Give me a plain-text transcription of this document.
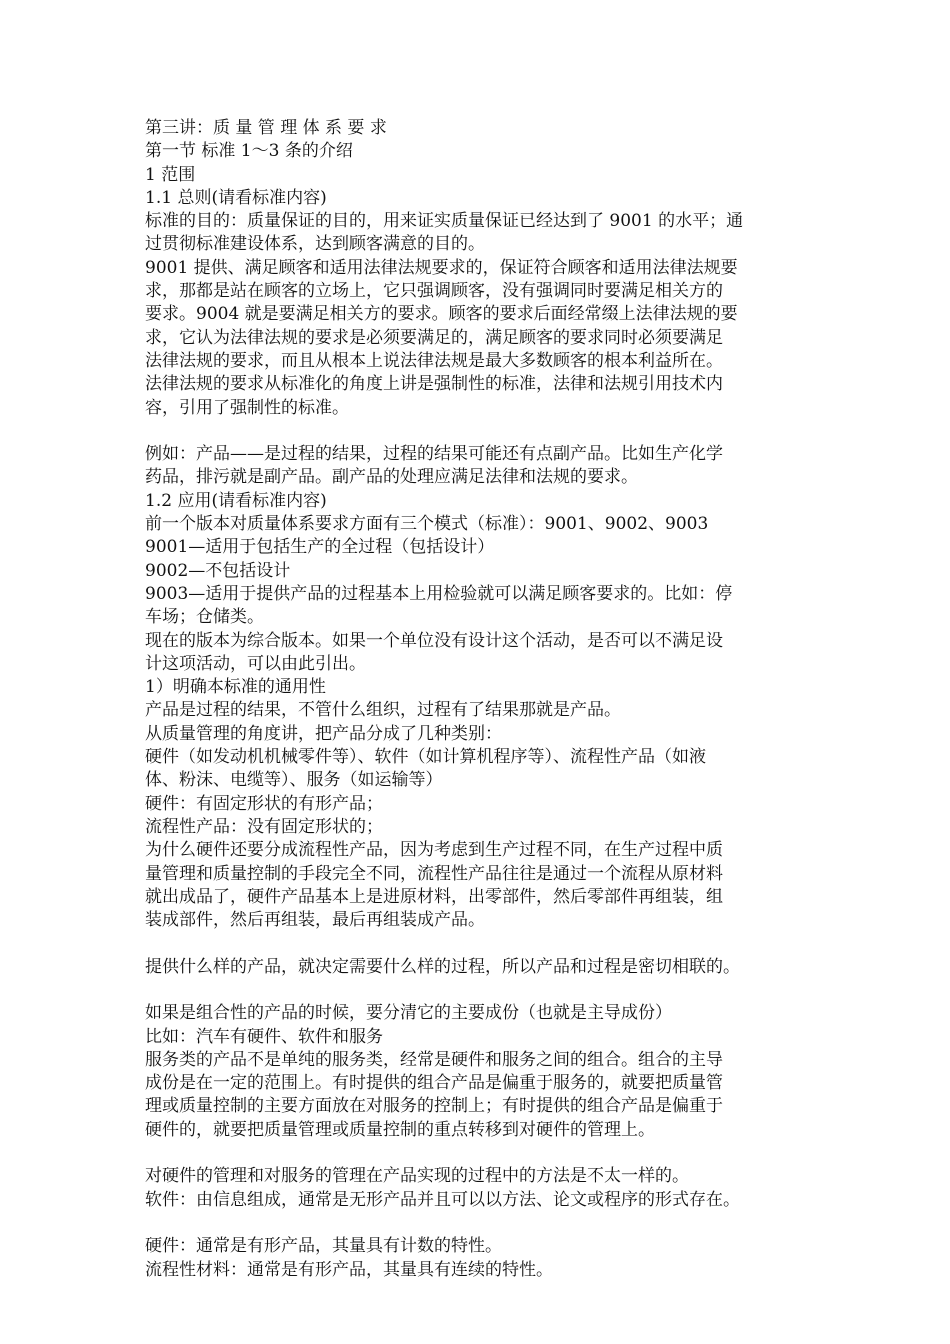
第三讲：质 量 管 理 体 系 要 求
第一节 标准 1～3 条的介绍
1 范围
1.1 总则(请看标准内容)
标准的目的：质量保证的目的，用来证实质量保证已经达到了 9001 的水平；通
过贯彻标准建设体系，达到顾客满意的目的。
9001 提供、满足顾客和适用法律法规要求的，保证符合顾客和适用法律法规要
求，那都是站在顾客的立场上，它只强调顾客，没有强调同时要满足相关方的
要求。9004 就是要满足相关方的要求。顾客的要求后面经常缀上法律法规的要
求，它认为法律法规的要求是必须要满足的，满足顾客的要求同时必须要满足
法律法规的要求，而且从根本上说法律法规是最大多数顾客的根本利益所在。
法律法规的要求从标准化的角度上讲是强制性的标准，法律和法规引用技术内
容，引用了强制性的标准。
例如：产品——是过程的结果，过程的结果可能还有点副产品。比如生产化学
药品，排污就是副产品。副产品的处理应满足法律和法规的要求。
1.2 应用(请看标准内容)
前一个版本对质量体系要求方面有三个模式（标准）：9001、9002、9003
9001—适用于包括生产的全过程（包括设计）
9002—不包括设计
9003—适用于提供产品的过程基本上用检验就可以满足顾客要求的。比如：停
车场；仓储类。
现在的版本为综合版本。如果一个单位没有设计这个活动，是否可以不满足设
计这项活动，可以由此引出。
1）明确本标准的通用性
产品是过程的结果，不管什么组织，过程有了结果那就是产品。
从质量管理的角度讲，把产品分成了几种类别：
硬件（如发动机机械零件等）、软件（如计算机程序等）、流程性产品（如液
体、粉沫、电缆等）、服务（如运输等）
硬件：有固定形状的有形产品；
流程性产品：没有固定形状的；
为什么硬件还要分成流程性产品，因为考虑到生产过程不同，在生产过程中质
量管理和质量控制的手段完全不同，流程性产品往往是通过一个流程从原材料
就出成品了，硬件产品基本上是进原材料，出零部件，然后零部件再组装，组
装成部件，然后再组装，最后再组装成产品。
提供什么样的产品，就决定需要什么样的过程，所以产品和过程是密切相联的。
如果是组合性的产品的时候，要分清它的主要成份（也就是主导成份）
比如：汽车有硬件、软件和服务
服务类的产品不是单纯的服务类，经常是硬件和服务之间的组合。组合的主导
成份是在一定的范围上。有时提供的组合产品是偏重于服务的，就要把质量管
理或质量控制的主要方面放在对服务的控制上；有时提供的组合产品是偏重于
硬件的，就要把质量管理或质量控制的重点转移到对硬件的管理上。
对硬件的管理和对服务的管理在产品实现的过程中的方法是不太一样的。
软件：由信息组成，通常是无形产品并且可以以方法、论文或程序的形式存在。
硬件：通常是有形产品，其量具有计数的特性。
流程性材料：通常是有形产品，其量具有连续的特性。
